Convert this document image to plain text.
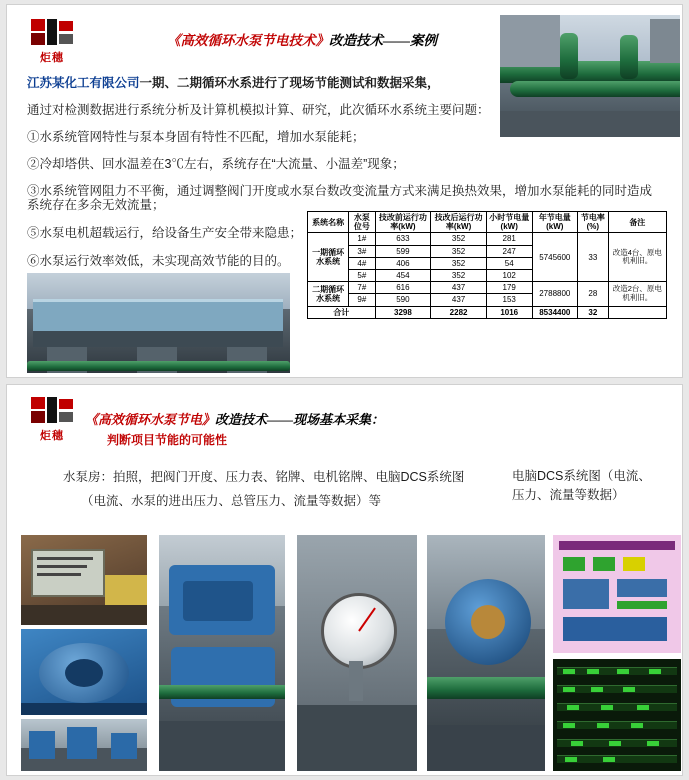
炬穗
《高效循环水泵节电技术》改造技术——案例
江苏某化工有限公司一期、二期循环水系进行了现场节能测试和数据采集，
通过对检测数据进行系统分析及计算机模拟计算、研究，此次循环水系统主要问题：
①水系统管网特性与泵本身固有特性不匹配，增加水泵能耗；
②冷却塔供、回水温差在3℃左右，系统存在“大流量、小温差”现象；
③水系统管网阻力不平衡，通过调整阀门开度或水泵台数改变流量方式来满足换热效果，增加水泵能耗的同时造成
系统存在多余无效流量；
⑤水泵电机超载运行，给设备生产安全带来隐患；
⑥水泵运行效率效低，未实现高效节能的目的。
系统名称	水泵位号	技改前运行功率(kW)	技改后运行功率(kW)	小时节电量(kW)	年节电量(kW)	节电率(%)	备注
一期循环水系统	1#	633	352	281	5745600	33	改造4台、原电机利旧。
	3#	599	352	247			
	4#	406	352	54			
	5#	454	352	102			
二期循环水系统	7#	616	437	179	2788800	28	改造2台、原电机利旧。
	9#	590	437	153			
合计		3298	2282	1016	8534400	32	
炬穗
《高效循环水泵节电》改造技术——现场基本采集：
判断项目节能的可能性
水泵房：拍照，把阀门开度、压力表、铭牌、电机铭牌、电脑DCS系统图
（电流、水泵的进出压力、总管压力、流量等数据）等
电脑DCS系统图（电流、压力、流量等数据）
